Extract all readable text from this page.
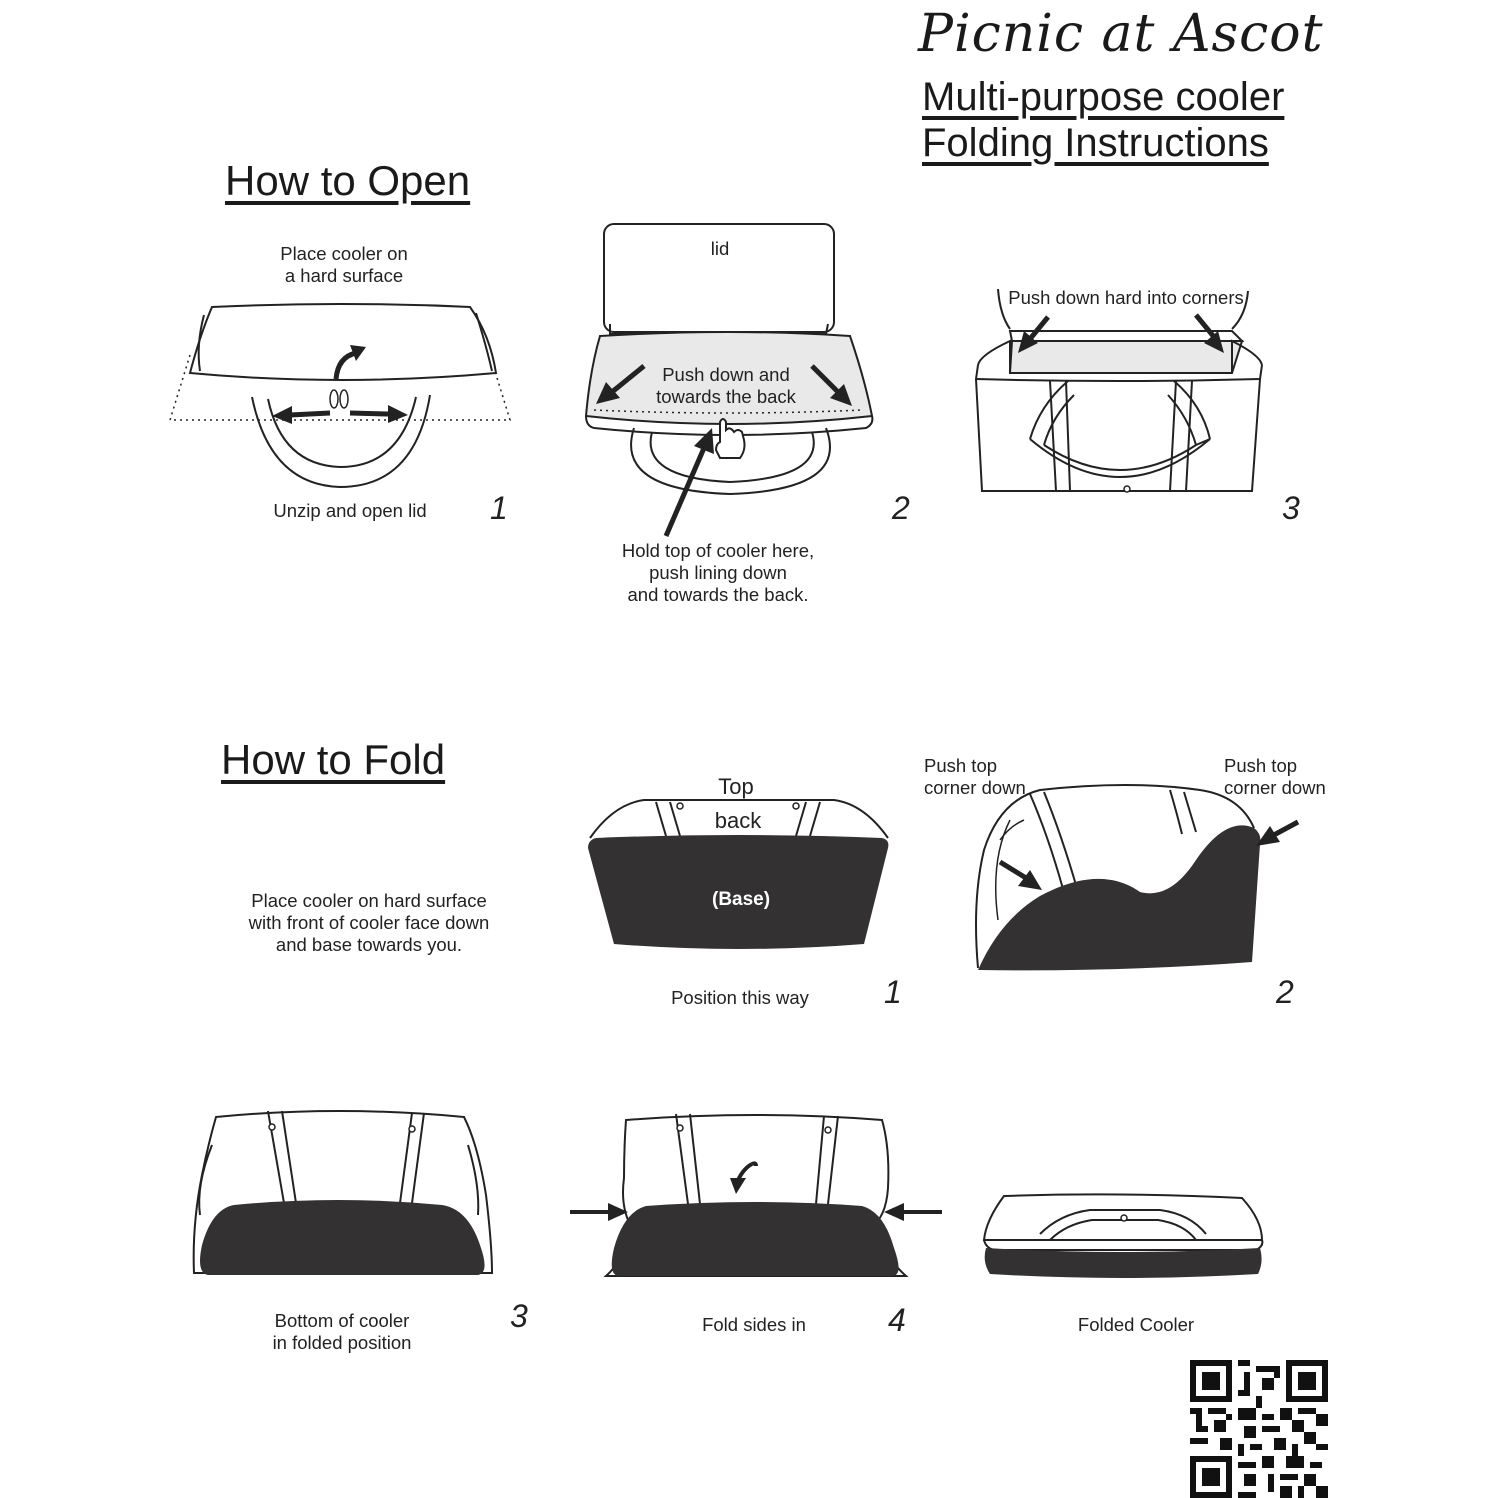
Picnic at Ascot
Multi-purpose cooler
Folding Instructions
How to Open
Place cooler on
a hard surface
Unzip and open lid	1
lid
Push down and
towards the back
Hold top of cooler here,
push lining down
and towards the back.
2
Push down hard into corners
3
How to Fold
Place cooler on hard surface
with front of cooler face down
and base towards you.
Top
back
(Base)
Position this way	1
Push top
corner down
Push top
corner down
2
Bottom of cooler
in folded position
3	Fold sides in	4	Folded Cooler
